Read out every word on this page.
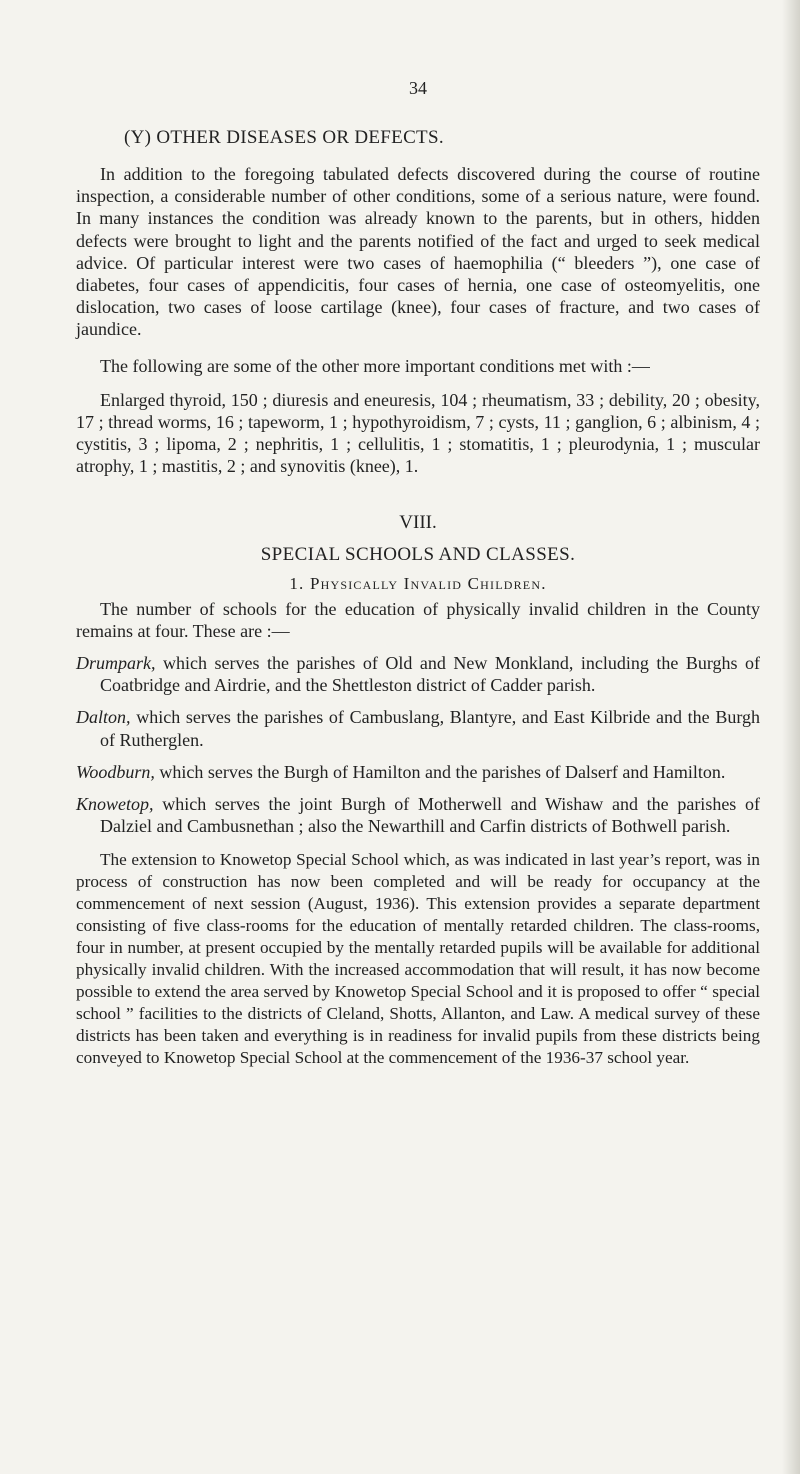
34
(Y) OTHER DISEASES OR DEFECTS.

In addition to the foregoing tabulated defects discovered during the course of routine inspection, a considerable number of other conditions, some of a serious nature, were found. In many instances the condition was already known to the parents, but in others, hidden defects were brought to light and the parents notified of the fact and urged to seek medical advice. Of particular interest were two cases of haemophilia (“ bleeders ”), one case of diabetes, four cases of appendicitis, four cases of hernia, one case of osteomyelitis, one dislocation, two cases of loose cartilage (knee), four cases of fracture, and two cases of jaundice.

The following are some of the other more important conditions met with :—

Enlarged thyroid, 150 ; diuresis and eneuresis, 104 ; rheumatism, 33 ; debility, 20 ; obesity, 17 ; thread worms, 16 ; tapeworm, 1 ; hypothyroidism, 7 ; cysts, 11 ; ganglion, 6 ; albinism, 4 ; cystitis, 3 ; lipoma, 2 ; nephritis, 1 ; cellulitis, 1 ; stomatitis, 1 ; pleurodynia, 1 ; muscular atrophy, 1 ; mastitis, 2 ; and synovitis (knee), 1.

VIII.
SPECIAL SCHOOLS AND CLASSES.
1. Physically Invalid Children.

The number of schools for the education of physically invalid children in the County remains at four. These are :—

Drumpark, which serves the parishes of Old and New Monkland, including the Burghs of Coatbridge and Airdrie, and the Shettleston district of Cadder parish.

Dalton, which serves the parishes of Cambuslang, Blantyre, and East Kilbride and the Burgh of Rutherglen.

Woodburn, which serves the Burgh of Hamilton and the parishes of Dalserf and Hamilton.

Knowetop, which serves the joint Burgh of Motherwell and Wishaw and the parishes of Dalziel and Cambusnethan ; also the Newarthill and Carfin districts of Bothwell parish.

The extension to Knowetop Special School which, as was indicated in last year’s report, was in process of construction has now been completed and will be ready for occupancy at the commencement of next session (August, 1936). This extension provides a separate department consisting of five class-rooms for the education of mentally retarded children. The class-rooms, four in number, at present occupied by the mentally retarded pupils will be available for additional physically invalid children. With the increased accommodation that will result, it has now become possible to extend the area served by Knowetop Special School and it is proposed to offer “ special school ” facilities to the districts of Cleland, Shotts, Allanton, and Law. A medical survey of these districts has been taken and everything is in readiness for invalid pupils from these districts being conveyed to Knowetop Special School at the commencement of the 1936-37 school year.
